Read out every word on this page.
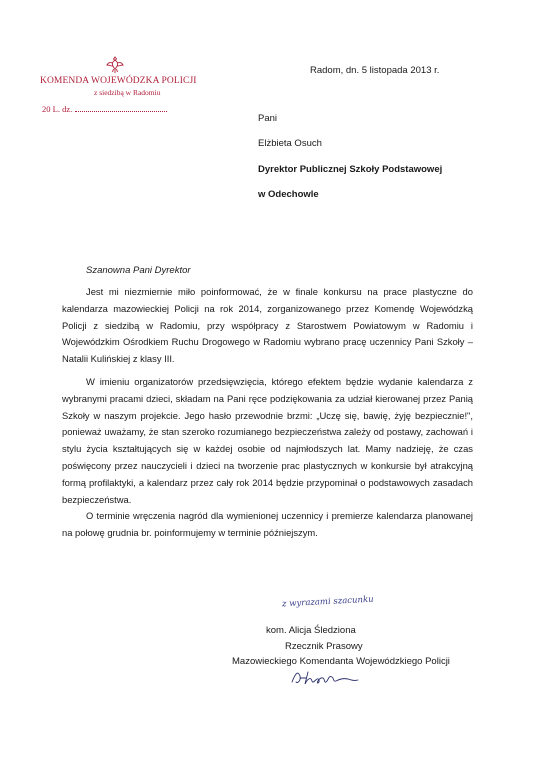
KOMENDA WOJEWÓDZKA POLICJI
z siedzibą w Radomiu
20 L. dz.
Radom, dn. 5 listopada 2013 r.
Pani
Elżbieta Osuch
Dyrektor Publicznej Szkoły Podstawowej
w Odechowle
Szanowna Pani Dyrektor

Jest mi niezmiernie miło poinformować, że w finale konkursu na prace plastyczne do kalendarza mazowieckiej Policji na rok 2014, zorganizowanego przez Komendę Wojewódzką Policji z siedzibą w Radomiu, przy współpracy z Starostwem Powiatowym w Radomiu i Wojewódzkim Ośrodkiem Ruchu Drogowego w Radomiu wybrano pracę uczennicy Pani Szkoły – Natalii Kulińskiej z klasy III.

W imieniu organizatorów przedsięwzięcia, którego efektem będzie wydanie kalendarza z wybranymi pracami dzieci, składam na Pani ręce podziękowania za udział kierowanej przez Panią Szkoły w naszym projekcie. Jego hasło przewodnie brzmi: „Uczę się, bawię, żyję bezpiecznie!", ponieważ uważamy, że stan szeroko rozumianego bezpieczeństwa zależy od postawy, zachowań i stylu życia kształtujących się w każdej osobie od najmłodszych lat. Mamy nadzieję, że czas poświęcony przez nauczycieli i dzieci na tworzenie prac plastycznych w konkursie był atrakcyjną formą profilaktyki, a kalendarz przez cały rok 2014 będzie przypominał o podstawowych zasadach bezpieczeństwa.

O terminie wręczenia nagród dla wymienionej uczennicy i premierze kalendarza planowanej na połowę grudnia br. poinformujemy w terminie późniejszym.

z wyrazami szacunku
kom. Alicja Śledziona
Rzecznik Prasowy
Mazowieckiego Komendanta Wojewódzkiego Policji
